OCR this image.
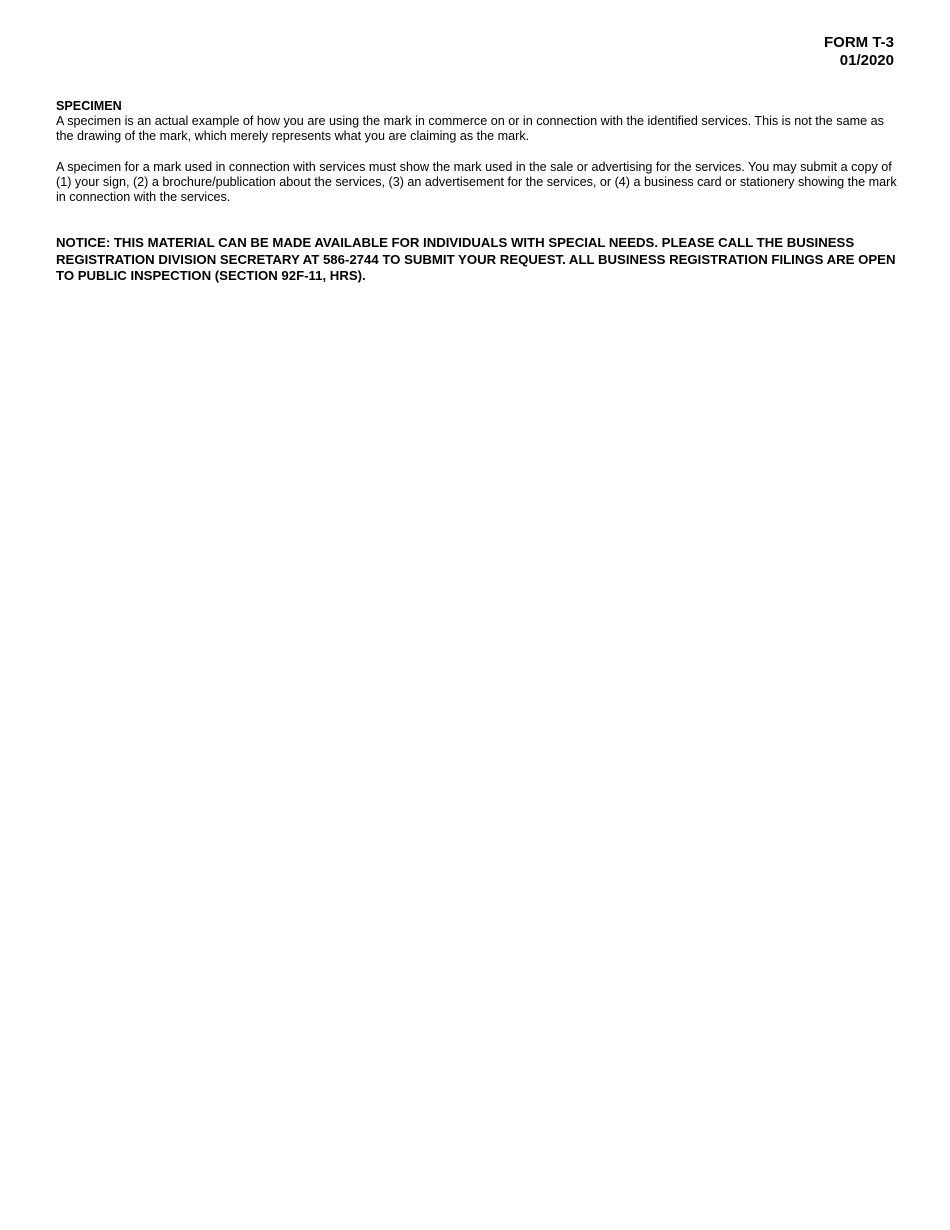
FORM T-3
01/2020
SPECIMEN

A specimen is an actual example of how you are using the mark in commerce on or in connection with the identified services. This is not the same as the drawing of the mark, which merely represents what you are claiming as the mark.

A specimen for a mark used in connection with services must show the mark used in the sale or advertising for the services. You may submit a copy of (1) your sign, (2) a brochure/publication about the services, (3) an advertisement for the services, or (4) a business card or stationery showing the mark in connection with the services.

NOTICE: THIS MATERIAL CAN BE MADE AVAILABLE FOR INDIVIDUALS WITH SPECIAL NEEDS. PLEASE CALL THE BUSINESS REGISTRATION DIVISION SECRETARY AT 586-2744 TO SUBMIT YOUR REQUEST. ALL BUSINESS REGISTRATION FILINGS ARE OPEN TO PUBLIC INSPECTION (SECTION 92F-11, HRS).
